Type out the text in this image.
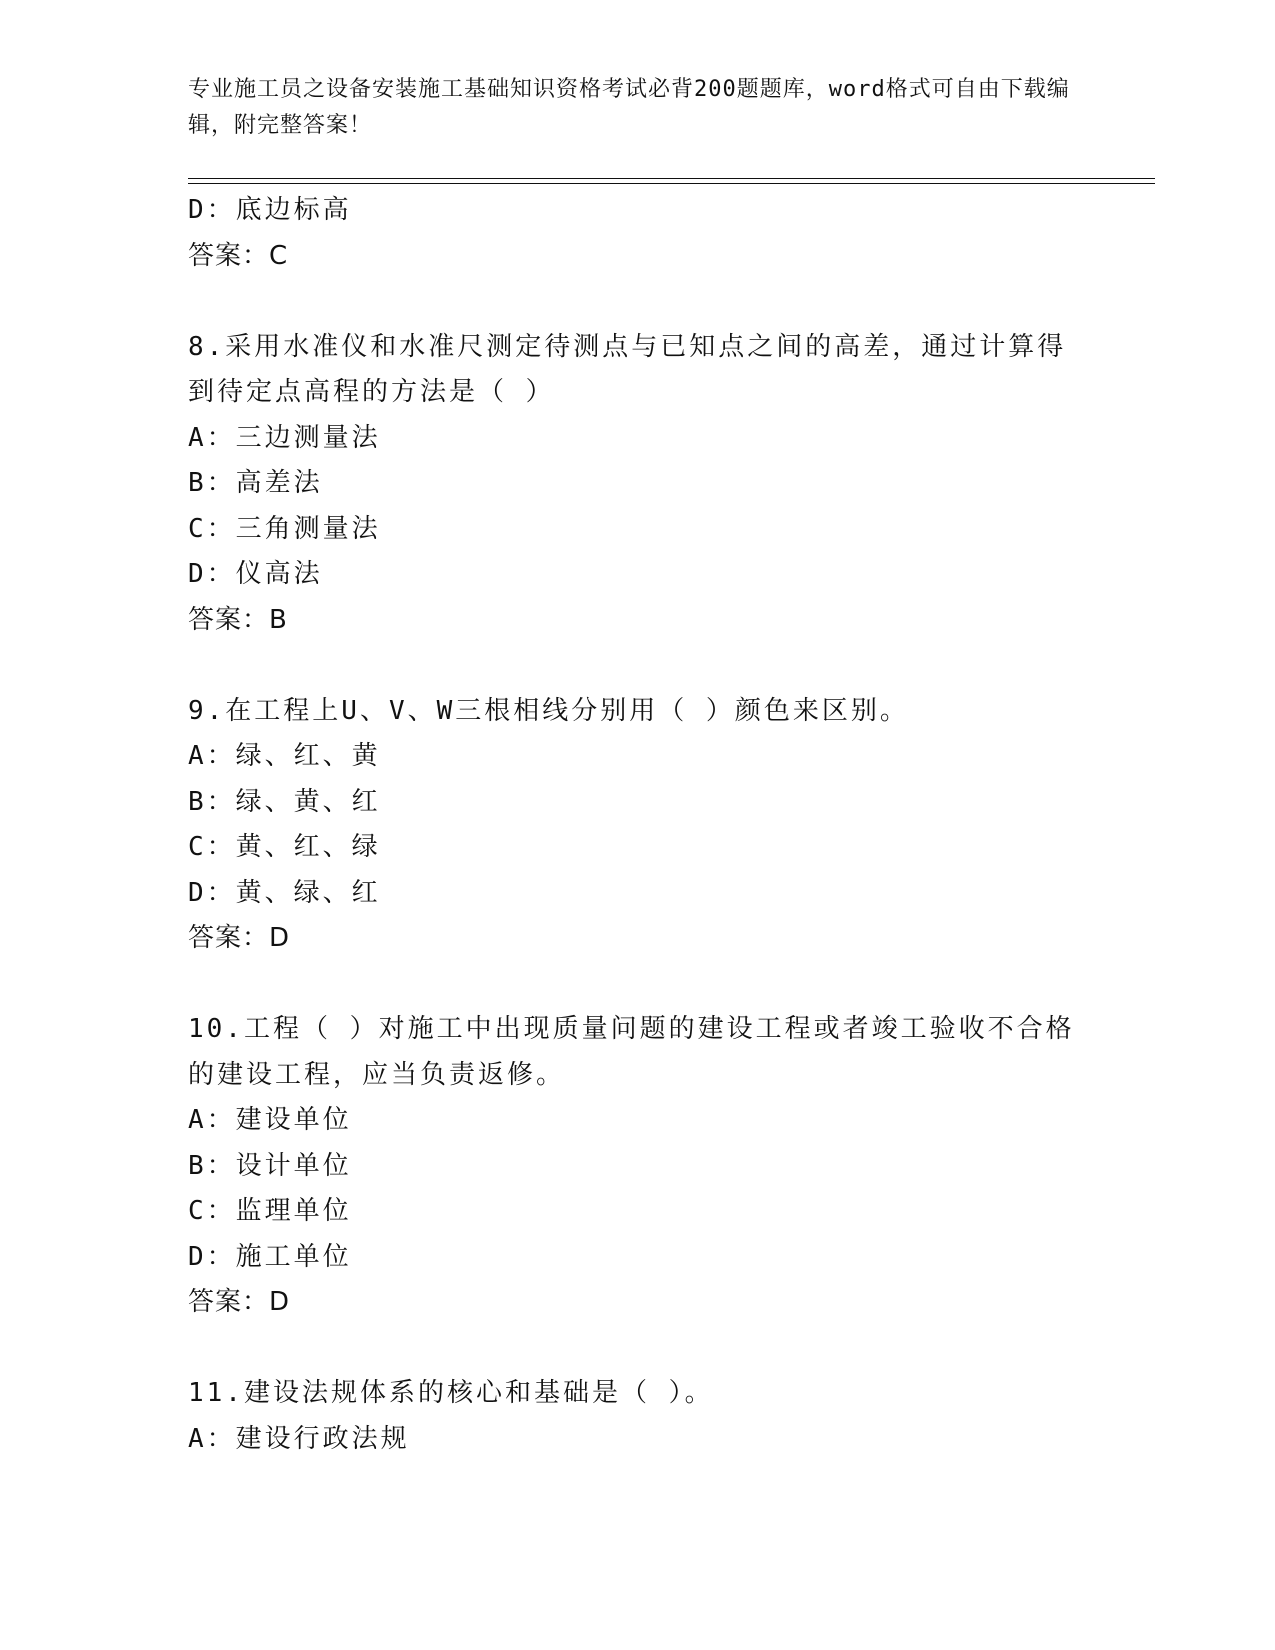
专业施工员之设备安装施工基础知识资格考试必背200题题库，word格式可自由下载编辑，附完整答案！
D：底边标高
答案：C
8.采用水准仪和水准尺测定待测点与已知点之间的高差，通过计算得
到待定点高程的方法是（ ）
A：三边测量法
B：高差法
C：三角测量法
D：仪高法
答案：B
9.在工程上U、V、W三根相线分别用（ ）颜色来区别。
A：绿、红、黄
B：绿、黄、红
C：黄、红、绿
D：黄、绿、红
答案：D
10.工程（ ）对施工中出现质量问题的建设工程或者竣工验收不合格
的建设工程，应当负责返修。
A：建设单位
B：设计单位
C：监理单位
D：施工单位
答案：D
11.建设法规体系的核心和基础是（ ）。
A：建设行政法规
